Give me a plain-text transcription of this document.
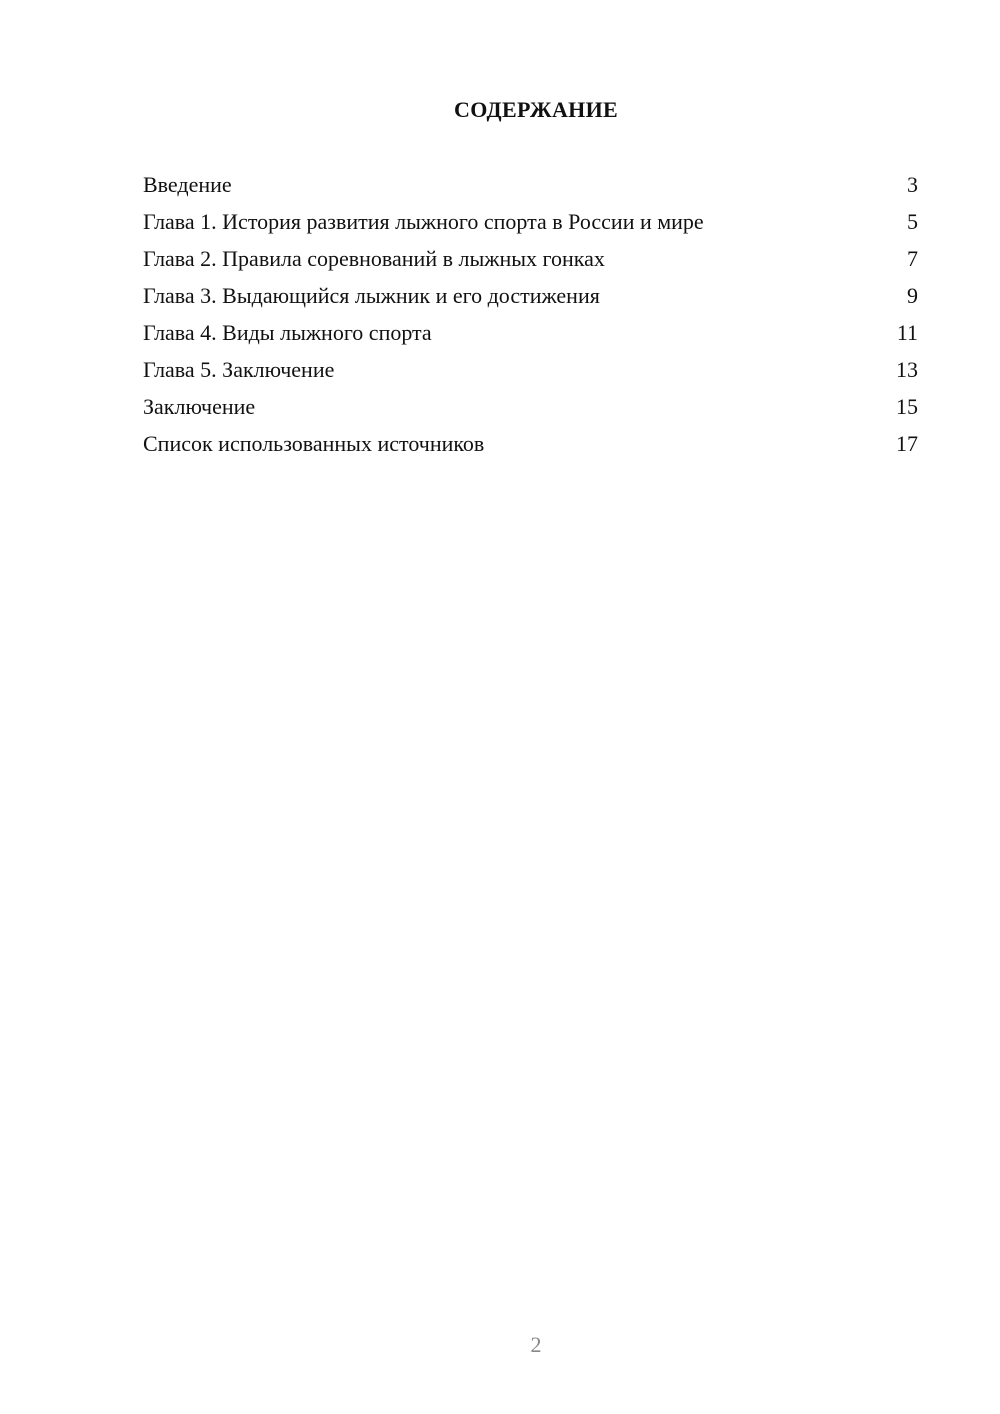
СОДЕРЖАНИЕ
Введение	3
Глава 1. История развития лыжного спорта в России и мире	5
Глава 2. Правила соревнований в лыжных гонках	7
Глава 3. Выдающийся лыжник и его достижения	9
Глава 4. Виды лыжного спорта	11
Глава 5. Заключение	13
Заключение	15
Список использованных источников	17
2
